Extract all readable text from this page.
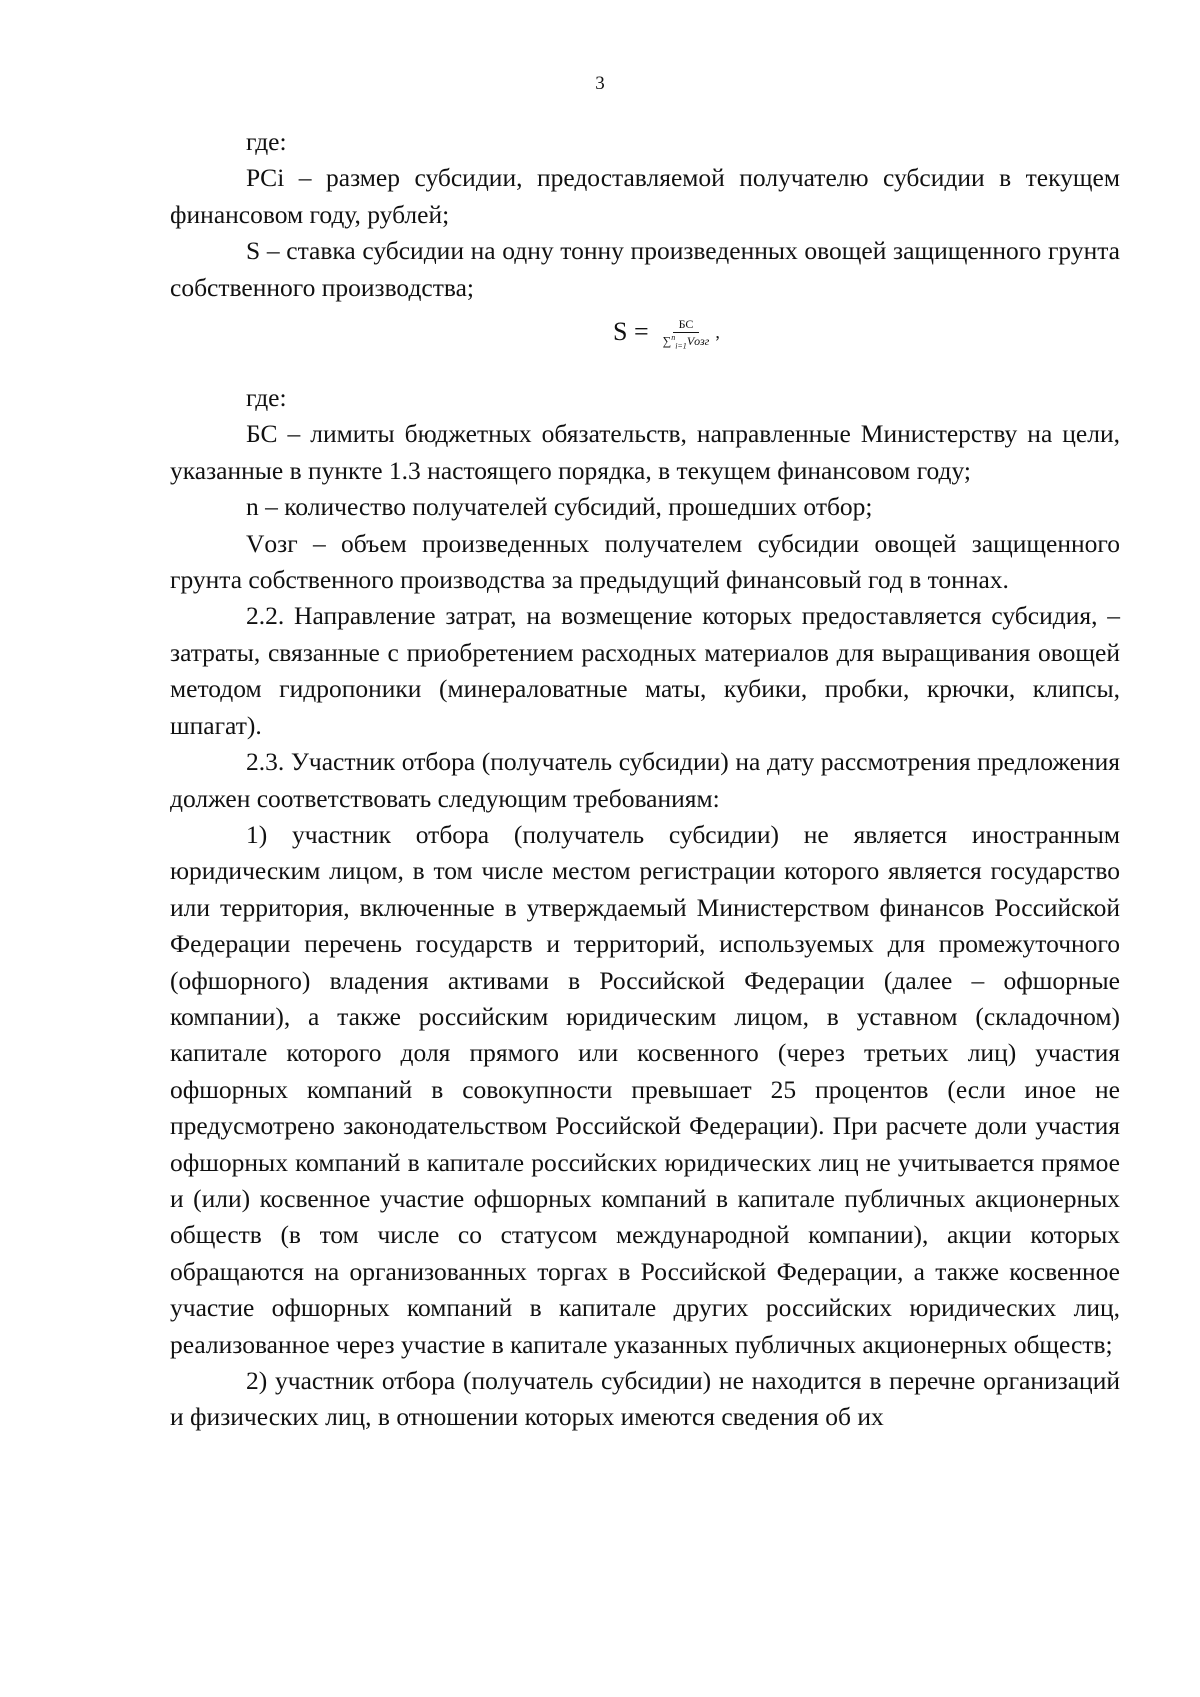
3

где:

PCi – размер субсидии, предоставляемой получателю субсидии в текущем финансовом году, рублей;

S – ставка субсидии на одну тонну произведенных овощей защищенного грунта собственного производства;

$S = \frac{БС}{\sum^n_{i=1}Vозг}$ ,

где:

БС – лимиты бюджетных обязательств, направленные Министерству на цели, указанные в пункте 1.3 настоящего порядка, в текущем финансовом году;

n – количество получателей субсидий, прошедших отбор;

Vозг – объем произведенных получателем субсидии овощей защищенного грунта собственного производства за предыдущий финансовый год в тоннах.

2.2. Направление затрат, на возмещение которых предоставляется субсидия, – затраты, связанные с приобретением расходных материалов для выращивания овощей методом гидропоники (минераловатные маты, кубики, пробки, крючки, клипсы, шпагат).

2.3. Участник отбора (получатель субсидии) на дату рассмотрения предложения должен соответствовать следующим требованиям:

1) участник отбора (получатель субсидии) не является иностранным юридическим лицом, в том числе местом регистрации которого является государство или территория, включенные в утверждаемый Министерством финансов Российской Федерации перечень государств и территорий, используемых для промежуточного (офшорного) владения активами в Российской Федерации (далее – офшорные компании), а также российским юридическим лицом, в уставном (складочном) капитале которого доля прямого или косвенного (через третьих лиц) участия офшорных компаний в совокупности превышает 25 процентов (если иное не предусмотрено законодательством Российской Федерации). При расчете доли участия офшорных компаний в капитале российских юридических лиц не учитывается прямое и (или) косвенное участие офшорных компаний в капитале публичных акционерных обществ (в том числе со статусом международной компании), акции которых обращаются на организованных торгах в Российской Федерации, а также косвенное участие офшорных компаний в капитале других российских юридических лиц, реализованное через участие в капитале указанных публичных акционерных обществ;

2) участник отбора (получатель субсидии) не находится в перечне организаций и физических лиц, в отношении которых имеются сведения об их
